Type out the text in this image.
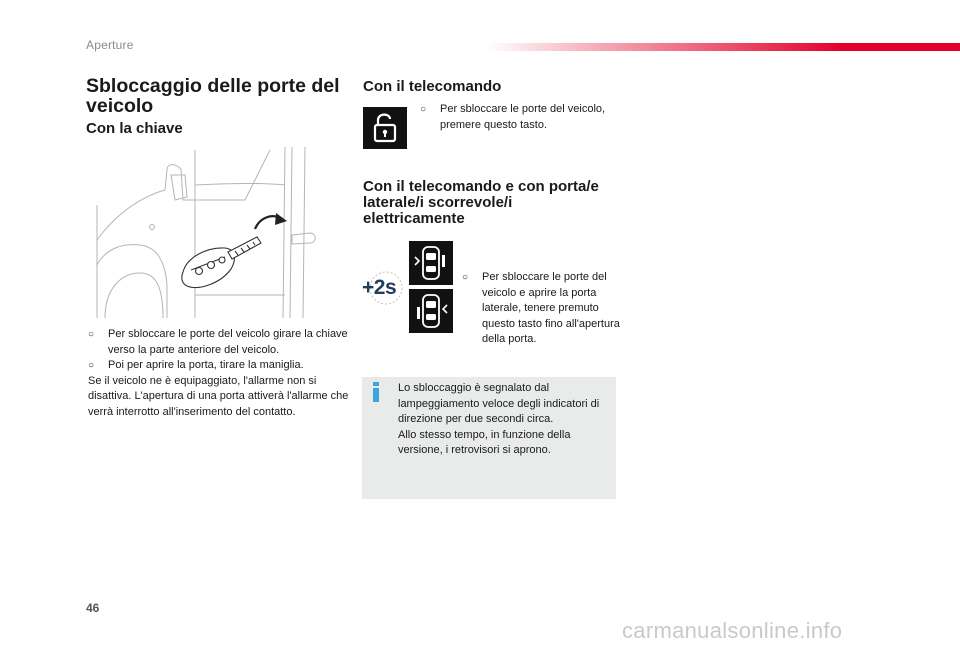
Aperture
Sbloccaggio delle porte del veicolo
Con la chiave
○ Per sbloccare le porte del veicolo girare la chiave verso la parte anteriore del veicolo.
○ Poi per aprire la porta, tirare la maniglia.

Se il veicolo ne è equipaggiato, l'allarme non si disattiva. L'apertura di una porta attiverà l'allarme che verrà interrotto all'inserimento del contatto.

Con il telecomando
○ Per sbloccare le porte del veicolo, premere questo tasto.
Con il telecomando e con porta/e laterale/i scorrevole/i elettricamente
+2s	○ Per sbloccare le porte del veicolo e aprire la porta laterale, tenere premuto questo tasto fino all'apertura della porta.
Lo sbloccaggio è segnalato dal lampeggiamento veloce degli indicatori di direzione per due secondi circa.
Allo stesso tempo, in funzione della versione, i retrovisori si aprono.
46
carmanualsonline.info
